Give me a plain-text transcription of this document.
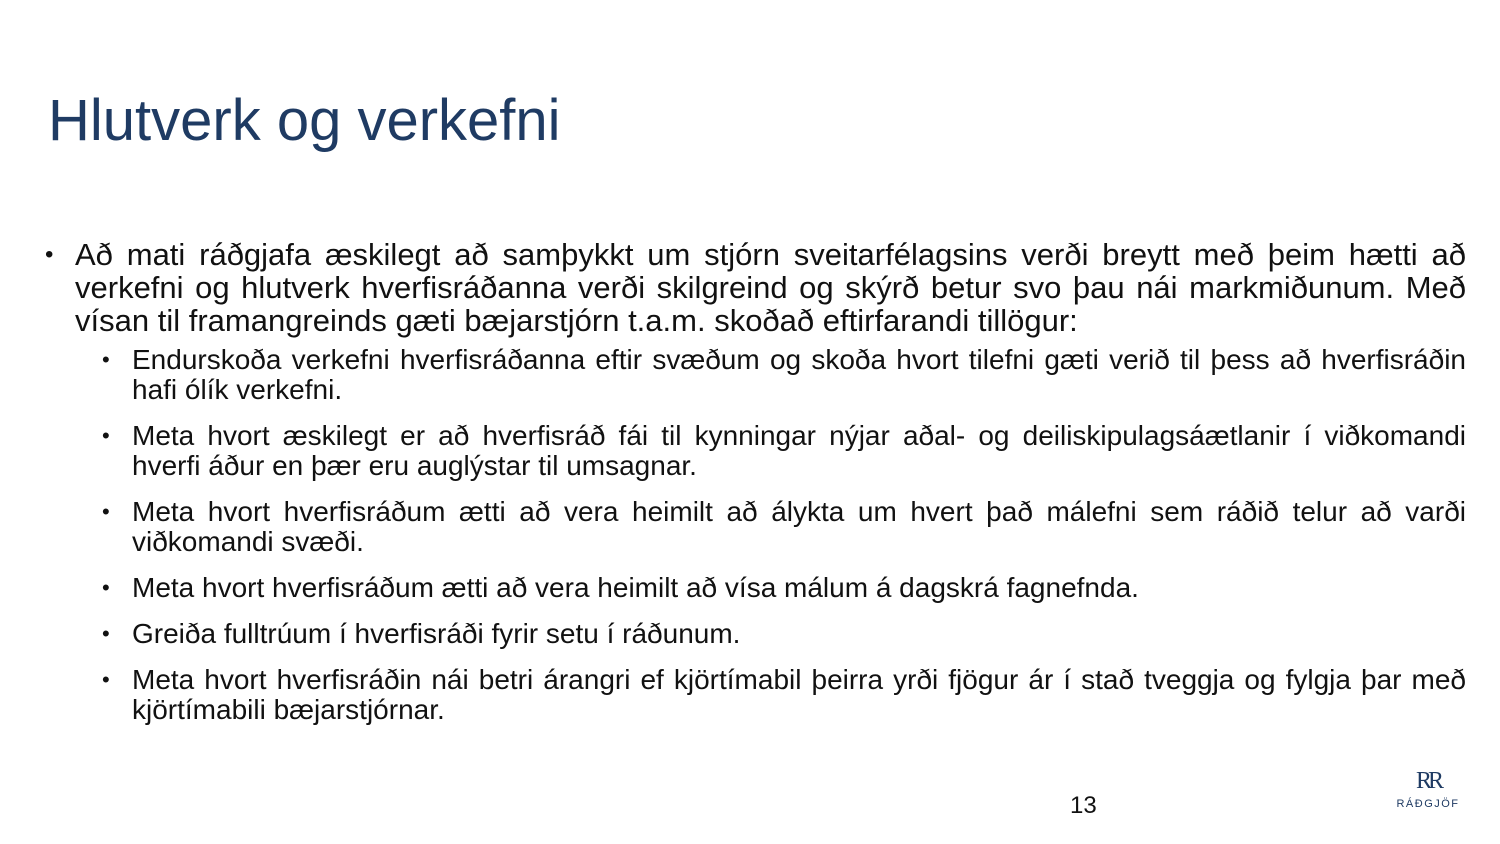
Hlutverk og verkefni
• Að mati ráðgjafa æskilegt að samþykkt um stjórn sveitarfélagsins verði breytt með þeim hætti að verkefni og hlutverk hverfisráðanna verði skilgreind og skýrð betur svo þau nái markmiðunum. Með vísan til framangreinds gæti bæjarstjórn t.a.m. skoðað eftirfarandi tillögur:
• Endurskoða verkefni hverfisráðanna eftir svæðum og skoða hvort tilefni gæti verið til þess að hverfisráðin hafi ólík verkefni.
• Meta hvort æskilegt er að hverfisráð fái til kynningar nýjar aðal- og deiliskipulagsáætlanir í viðkomandi hverfi áður en þær eru auglýstar til umsagnar.
• Meta hvort hverfisráðum ætti að vera heimilt að álykta um hvert það málefni sem ráðið telur að varði viðkomandi svæði.
• Meta hvort hverfisráðum ætti að vera heimilt að vísa málum á dagskrá fagnefnda.
• Greiða fulltrúum í hverfisráði fyrir setu í ráðunum.
• Meta hvort hverfisráðin nái betri árangri ef kjörtímabil þeirra yrði fjögur ár í stað tveggja og fylgja þar með kjörtímabili bæjarstjórnar.
13
RR
RÁÐGJÖF
